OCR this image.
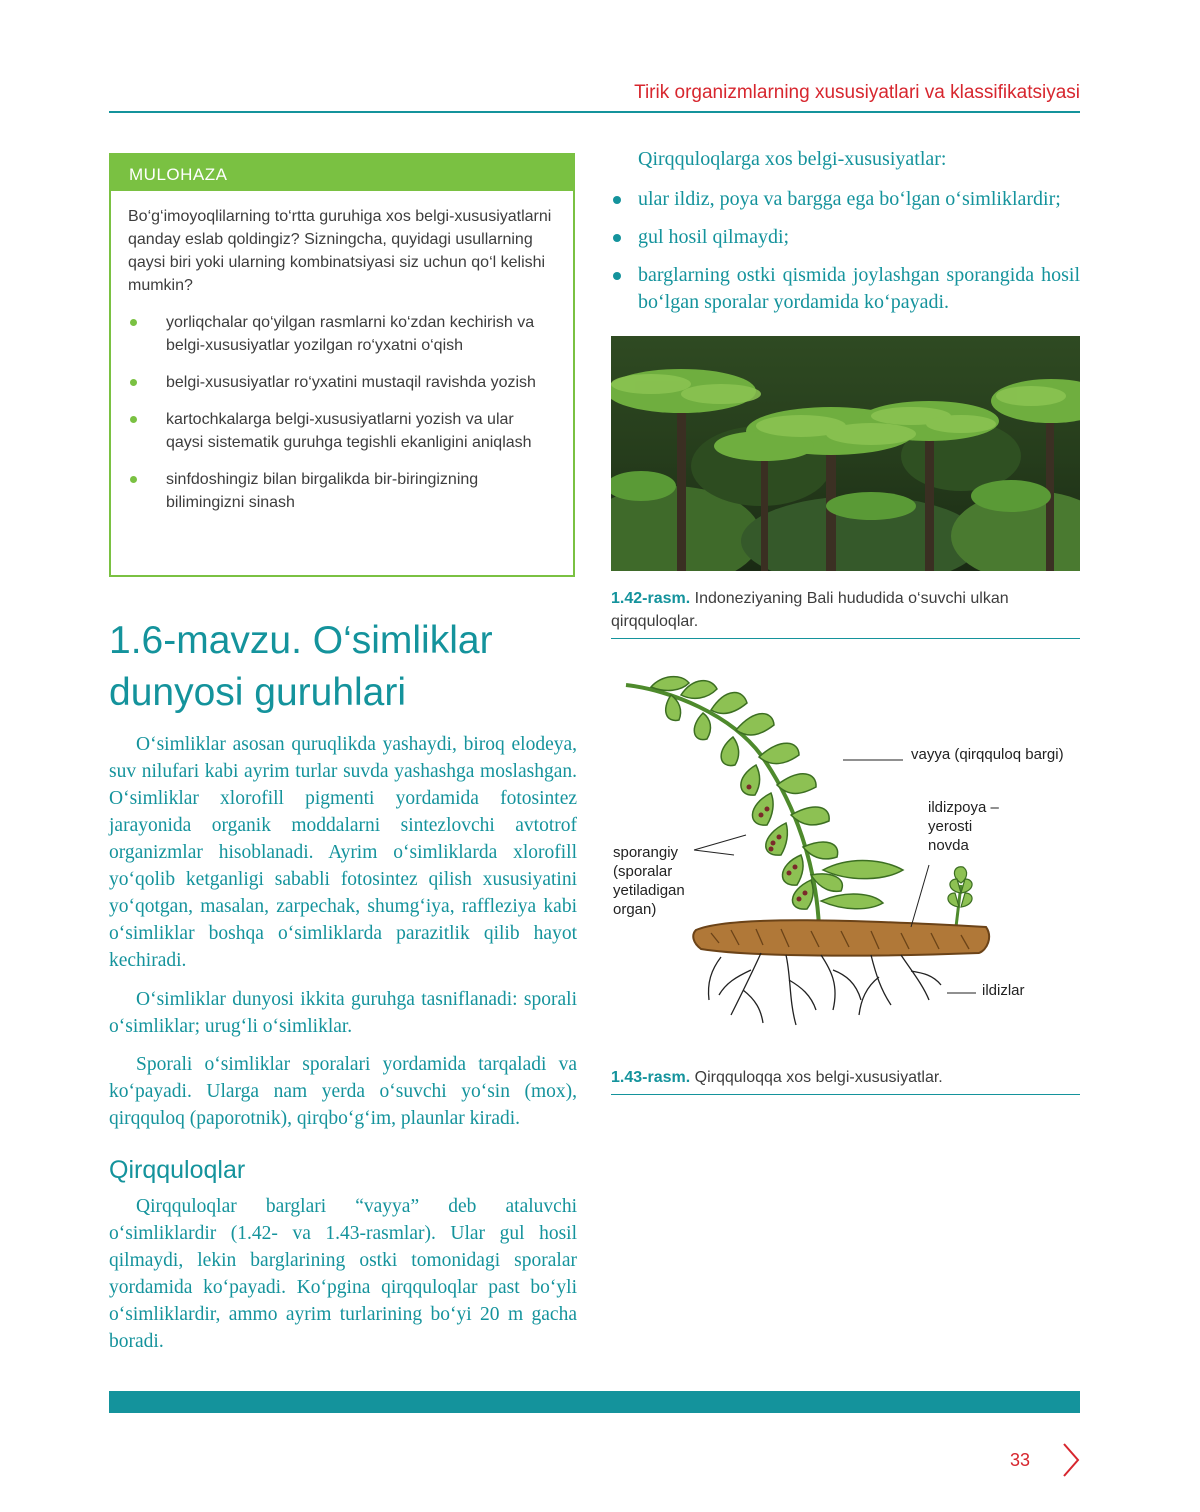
Tirik organizmlarning xususiyatlari va klassifikatsiyasi
MULOHAZA
Bo‘g‘imoyoqlilarning to‘rtta guruhiga xos belgi-xususiyatlarni qanday eslab qoldingiz? Sizningcha, quyidagi usullarning qaysi biri yoki ularning kombinatsiyasi siz uchun qo‘l kelishi mumkin?
yorliqchalar qo‘yilgan rasmlarni ko‘zdan kechirish va belgi-xususiyatlar yozilgan ro‘yxatni o‘qish
belgi-xususiyatlar ro‘yxatini mustaqil ravishda yozish
kartochkalarga belgi-xususiyatlarni yozish va ular qaysi sistematik guruhga tegishli ekanligini aniqlash
sinfdoshingiz bilan birgalikda bir-biringizning bilimingizni sinash
1.6-mavzu. O‘simliklar
dunyosi guruhlari
O‘simliklar asosan quruqlikda yashaydi, biroq elodeya, suv nilufari kabi ayrim turlar suvda yashashga moslashgan. O‘simliklar xlorofill pigmenti yordamida fotosintez jarayonida organik moddalarni sintezlovchi avtotrof organizmlar hisoblanadi. Ayrim o‘simliklarda xlorofill yo‘qolib ketganligi sababli fotosintez qilish xususiyatini yo‘qotgan, masalan, zarpechak, shumg‘iya, raffleziya kabi o‘simliklar boshqa o‘simliklarda parazitlik qilib hayot kechiradi.
O‘simliklar dunyosi ikkita guruhga tasniflanadi: sporali o‘simliklar; urug‘li o‘simliklar.
Sporali o‘simliklar sporalari yordamida tarqaladi va ko‘payadi. Ularga nam yerda o‘suvchi yo‘sin (mox), qirqquloq (paporotnik), qirqbo‘g‘im, plaunlar kiradi.
Qirqquloqlar
Qirqquloqlar barglari “vayya” deb ataluvchi o‘simliklardir (1.42- va 1.43-rasmlar). Ular gul hosil qilmaydi, lekin barglarining ostki tomonidagi sporalar yordamida ko‘payadi. Ko‘pgina qirqquloqlar past bo‘yli o‘simliklardir, ammo ayrim turlarining bo‘yi 20 m gacha boradi.
Qirqquloqlarga xos belgi-xususiyatlar:
ular ildiz, poya va bargga ega bo‘lgan o‘simliklardir;
gul hosil qilmaydi;
barglarning ostki qismida joylashgan sporangida hosil bo‘lgan sporalar yordamida ko‘payadi.
1.42-rasm. Indoneziyaning Bali hududida o‘suvchi ulkan qirqquloqlar.
vayya (qirqquloq bargi)
ildizpoya –
yerosti
novda
sporangiy
(sporalar
yetiladigan
organ)
ildizlar
1.43-rasm. Qirqquloqqa xos belgi-xususiyatlar.
33
